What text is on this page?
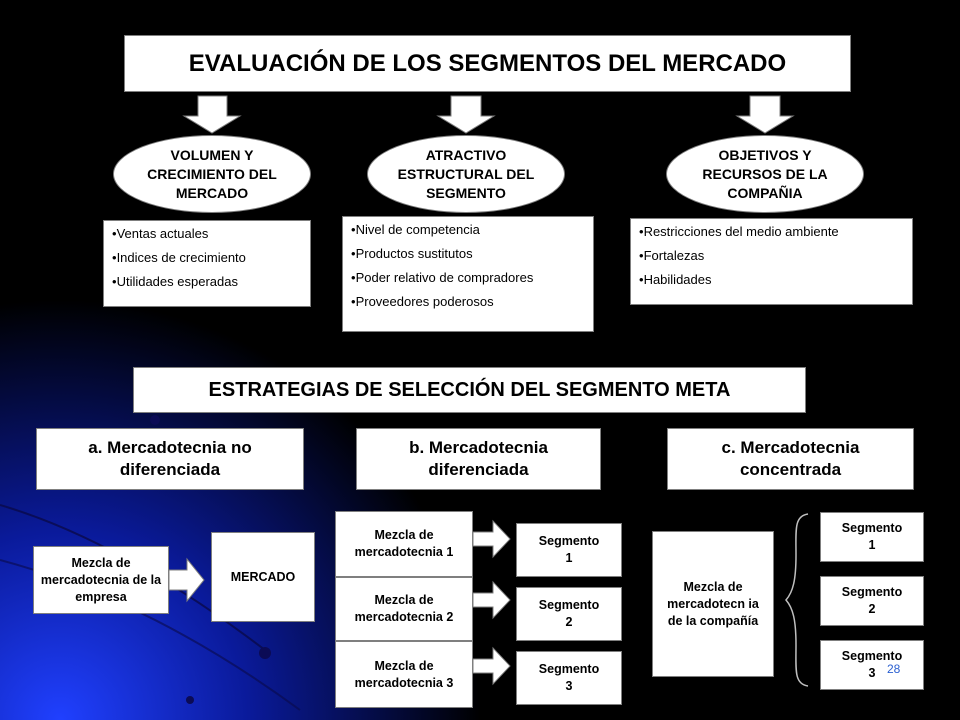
EVALUACIÓN DE LOS SEGMENTOS DEL MERCADO
VOLUMEN Y CRECIMIENTO DEL MERCADO
ATRACTIVO ESTRUCTURAL DEL SEGMENTO
OBJETIVOS Y RECURSOS DE LA COMPAÑIA
• Ventas actuales
• Indices de crecimiento
• Utilidades esperadas
• Nivel de competencia
• Productos sustitutos
• Poder relativo de compradores
• Proveedores poderosos
• Restricciones del medio ambiente
• Fortalezas
• Habilidades
ESTRATEGIAS DE SELECCIÓN DEL SEGMENTO META
a. Mercadotecnia no diferenciada
b. Mercadotecnia diferenciada
c. Mercadotecnia concentrada
Mezcla de mercadotecnia de la empresa
MERCADO
Mezcla de mercadotecnia 1
Mezcla de mercadotecnia 2
Mezcla de mercadotecnia 3
Segmento 1
Segmento 2
Segmento 3
Mezcla de mercadotecn ia de la compañía
Segmento 1
Segmento 2
Segmento 3 28
